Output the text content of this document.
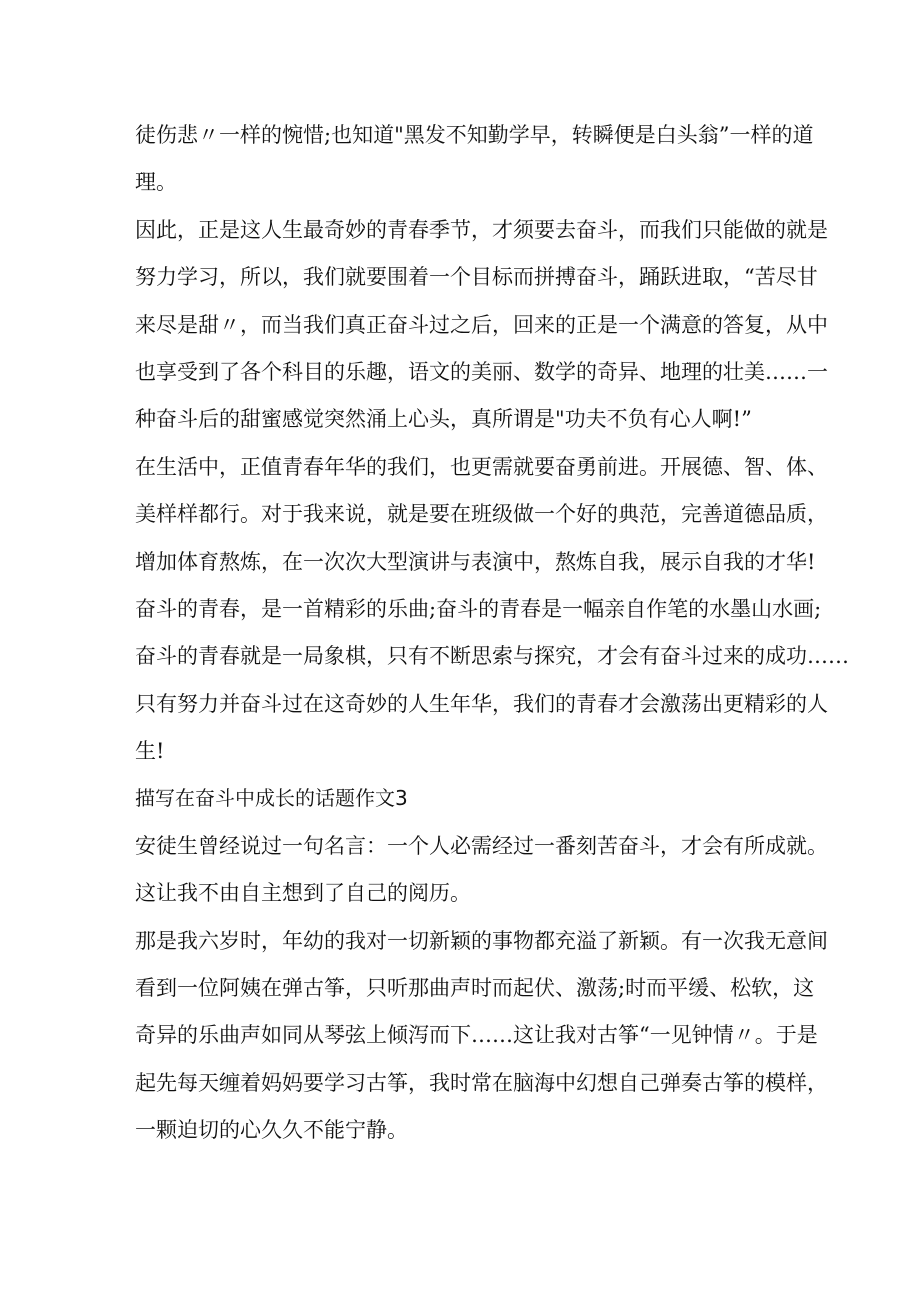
徒伤悲〃一样的惋惜;也知道"黑发不知勤学早，转瞬便是白头翁”一样的道
理。
因此，正是这人生最奇妙的青春季节，才须要去奋斗，而我们只能做的就是
努力学习，所以，我们就要围着一个目标而拼搏奋斗，踊跃进取，“苦尽甘
来尽是甜〃，而当我们真正奋斗过之后，回来的正是一个满意的答复，从中
也享受到了各个科目的乐趣，语文的美丽、数学的奇异、地理的壮美……一
种奋斗后的甜蜜感觉突然涌上心头，真所谓是"功夫不负有心人啊!”
在生活中，正值青春年华的我们，也更需就要奋勇前进。开展德、智、体、
美样样都行。对于我来说，就是要在班级做一个好的典范，完善道德品质，
增加体育熬炼，在一次次大型演讲与表演中，熬炼自我，展示自我的才华!
奋斗的青春，是一首精彩的乐曲;奋斗的青春是一幅亲自作笔的水墨山水画;
奋斗的青春就是一局象棋，只有不断思索与探究，才会有奋斗过来的成功……
只有努力并奋斗过在这奇妙的人生年华，我们的青春才会激荡出更精彩的人
生!
描写在奋斗中成长的话题作文3
安徒生曾经说过一句名言：一个人必需经过一番刻苦奋斗，才会有所成就。
这让我不由自主想到了自己的阅历。
那是我六岁时，年幼的我对一切新颖的事物都充溢了新颖。有一次我无意间
看到一位阿姨在弹古筝，只听那曲声时而起伏、激荡;时而平缓、松软，这
奇异的乐曲声如同从琴弦上倾泻而下……这让我对古筝“一见钟情〃。于是
起先每天缠着妈妈要学习古筝，我时常在脑海中幻想自己弹奏古筝的模样，
一颗迫切的心久久不能宁静。
